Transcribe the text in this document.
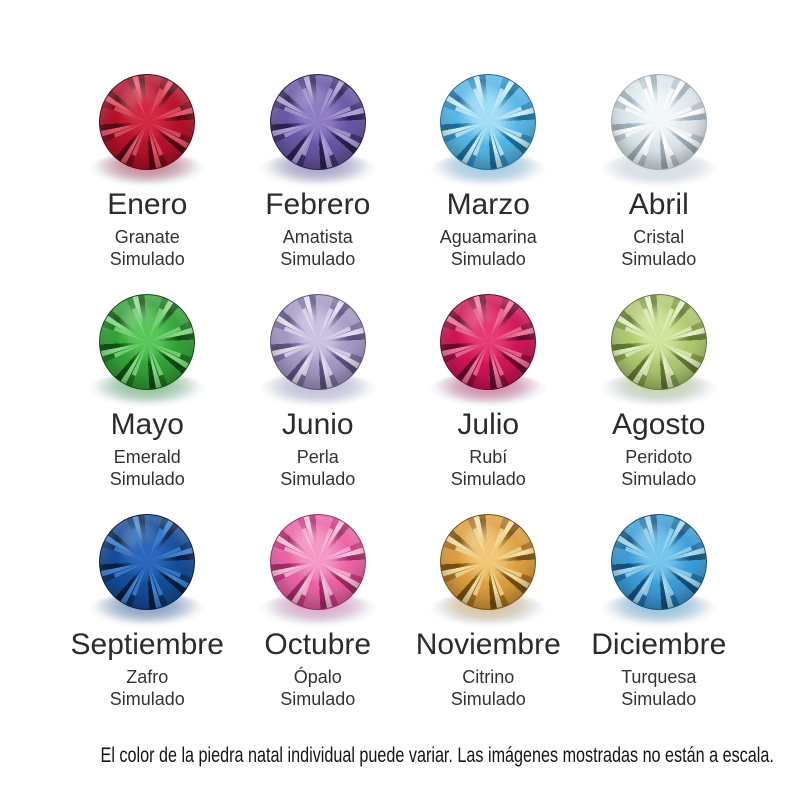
Enero
Granate
Simulado
Febrero
Amatista
Simulado
Marzo
Aguamarina
Simulado
Abril
Cristal
Simulado
Mayo
Emerald
Simulado
Junio
Perla
Simulado
Julio
Rubí
Simulado
Agosto
Peridoto
Simulado
Septiembre
Zafro
Simulado
Octubre
Ópalo
Simulado
Noviembre
Citrino
Simulado
Diciembre
Turquesa
Simulado
El color de la piedra natal individual puede variar. Las imágenes mostradas no están a escala.
